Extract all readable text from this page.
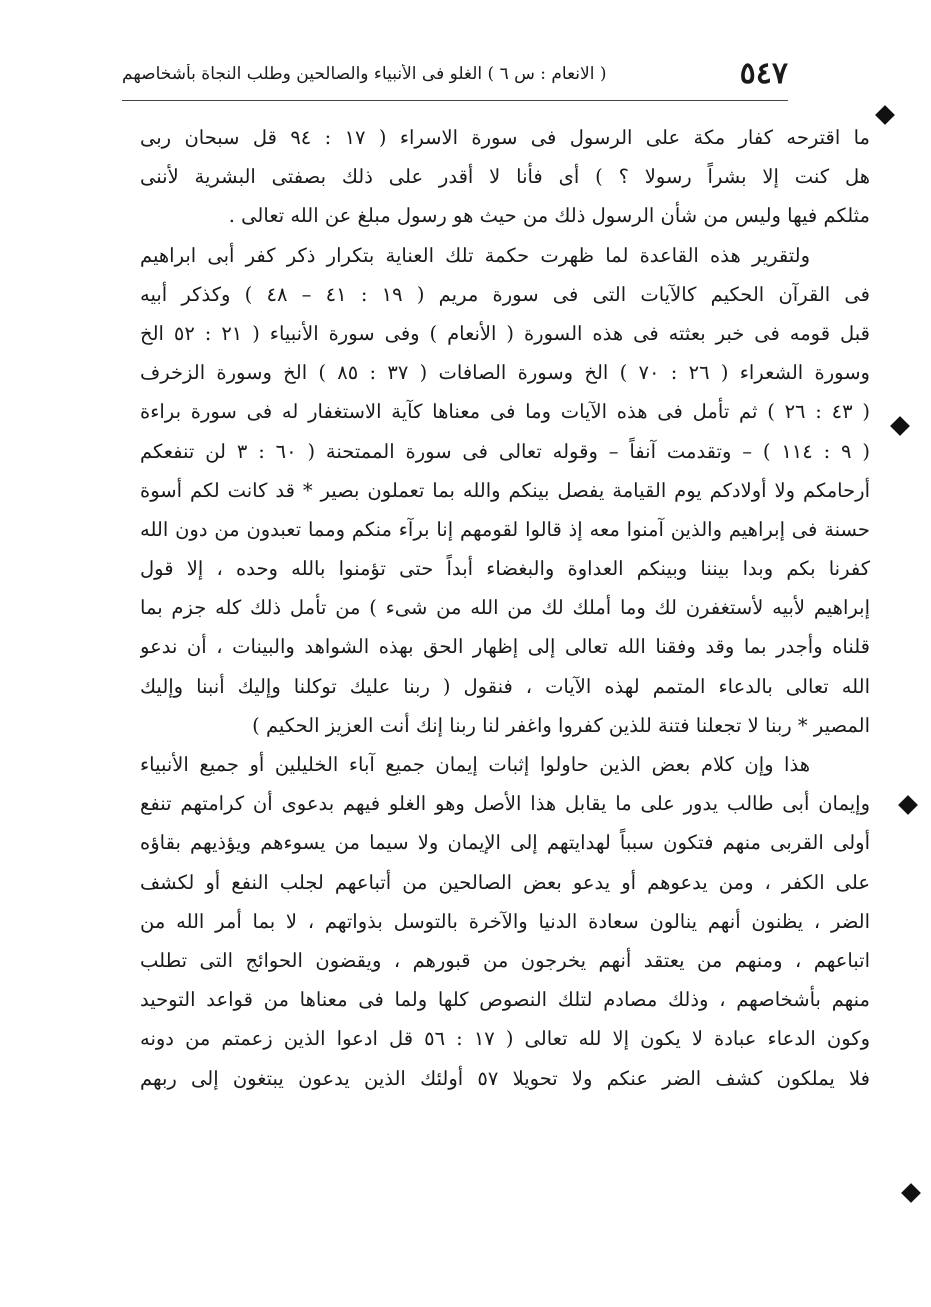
٥٤٧
( الانعام : س ٦ ) الغلو فى الأنبياء والصالحين وطلب النجاة بأشخاصهم
ما اقترحه كفار مكة على الرسول فى سورة الاسراء ( ١٧ : ٩٤ قل سبحان ربى
هل كنت إلا بشراً رسولا ؟ ) أى فأنا لا أقدر على ذلك بصفتى البشرية لأننى
مثلكم فيها وليس من شأن الرسول ذلك من حيث هو رسول مبلغ عن الله تعالى .
ولتقرير هذه القاعدة لما ظهرت حكمة تلك العناية بتكرار ذكر كفر أبى ابراهيم
فى القرآن الحكيم كالآيات التى فى سورة مريم ( ١٩ : ٤١ – ٤٨ ) وكذكر أبيه
قبل قومه فى خبر بعثته فى هذه السورة ( الأنعام ) وفى سورة الأنبياء ( ٢١ : ٥٢ الخ
وسورة الشعراء ( ٢٦ : ٧٠ ) الخ وسورة الصافات ( ٣٧ : ٨٥ ) الخ وسورة الزخرف
( ٤٣ : ٢٦ ) ثم تأمل فى هذه الآيات وما فى معناها كآية الاستغفار له فى سورة براءة
( ٩ : ١١٤ ) – وتقدمت آنفاً – وقوله تعالى فى سورة الممتحنة ( ٦٠ : ٣ لن تنفعكم
أرحامكم ولا أولادكم يوم القيامة يفصل بينكم والله بما تعملون بصير * قد كانت لكم أسوة
حسنة فى إبراهيم والذين آمنوا معه إذ قالوا لقومهم إنا برآء منكم ومما تعبدون من دون الله
كفرنا بكم وبدا بيننا وبينكم العداوة والبغضاء أبداً حتى تؤمنوا بالله وحده ، إلا قول
إبراهيم لأبيه لأستغفرن لك وما أملك لك من الله من شىء ) من تأمل ذلك كله جزم بما
قلناه وأجدر بما وقد وفقنا الله تعالى إلى إظهار الحق بهذه الشواهد والبينات ، أن ندعو
الله تعالى بالدعاء المتمم لهذه الآيات ، فنقول ( ربنا عليك توكلنا وإليك أنبنا وإليك
المصير * ربنا لا تجعلنا فتنة للذين كفروا واغفر لنا ربنا إنك أنت العزيز الحكيم )
هذا وإن كلام بعض الذين حاولوا إثبات إيمان جميع آباء الخليلين أو جميع الأنبياء
وإيمان أبى طالب يدور على ما يقابل هذا الأصل وهو الغلو فيهم بدعوى أن كرامتهم تنفع
أولى القربى منهم فتكون سبباً لهدايتهم إلى الإيمان ولا سيما من يسوءهم ويؤذيهم بقاؤه
على الكفر ، ومن يدعوهم أو يدعو بعض الصالحين من أتباعهم لجلب النفع أو لكشف
الضر ، يظنون أنهم ينالون سعادة الدنيا والآخرة بالتوسل بذواتهم ، لا بما أمر الله من
اتباعهم ، ومنهم من يعتقد أنهم يخرجون من قبورهم ، ويقضون الحوائج التى تطلب
منهم بأشخاصهم ، وذلك مصادم لتلك النصوص كلها ولما فى معناها من قواعد التوحيد
وكون الدعاء عبادة لا يكون إلا لله تعالى ( ١٧ : ٥٦ قل ادعوا الذين زعمتم من دونه
فلا يملكون كشف الضر عنكم ولا تحويلا ٥٧ أولئك الذين يدعون يبتغون إلى ربهم
